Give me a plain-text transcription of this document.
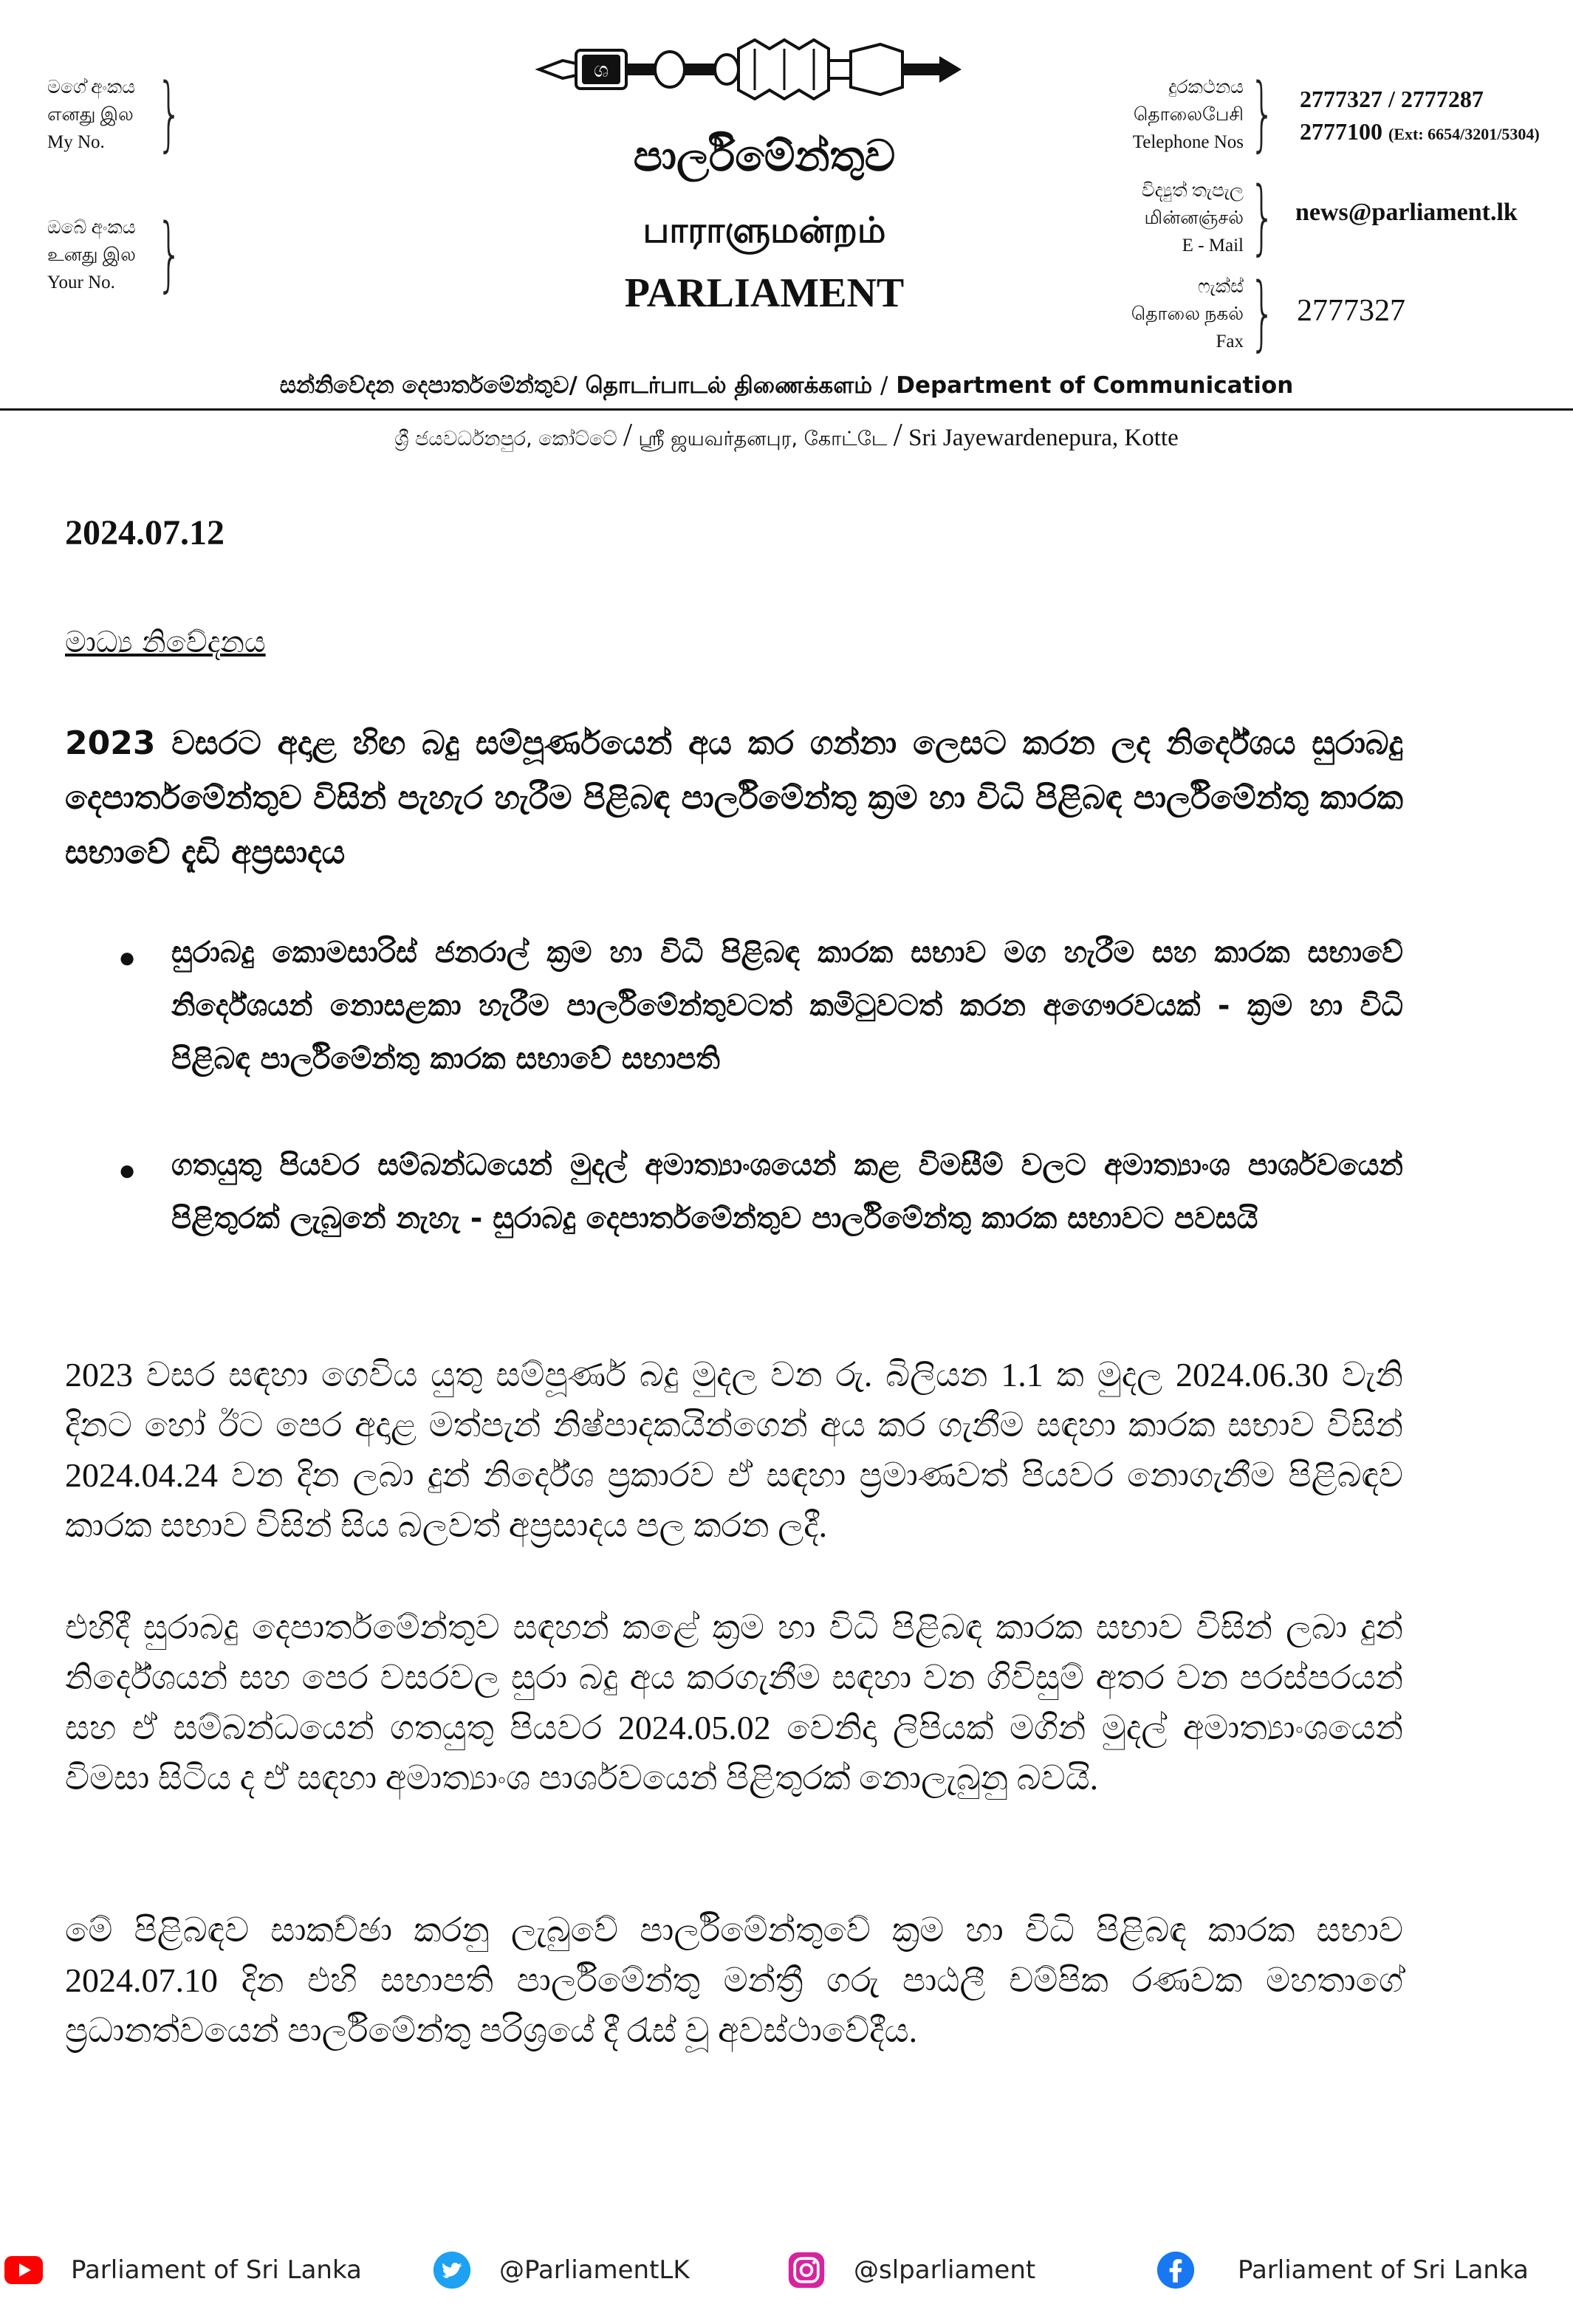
මගේ අංකය
எனது இல
My No. }
ඔබේ අංකය
உனது இல
Your No. }
ශ
පාර්ලිමේන්තුව
பாராளுமன்றம்
PARLIAMENT
දුරකථනය
தொலைபேசி
Telephone Nos } 2777327 / 2777287
2777100 (Ext: 6654/3201/5304)
විද්‍යුත් තැපැල
மின்னஞ்சல்
E - Mail } news@parliament.lk
ෆැක්ස්
தொலை நகல்
Fax } 2777327
සන්නිවේදන දෙපාර්තමේන්තුව/ தொடர்பாடல் திணைக்களம் / Department of Communication
ශ්‍රී ජයවර්ධනපුර, කෝට්ටේ / ஸ்ரீ ஜயவர்தனபுர, கோட்டே / Sri Jayewardenepura, Kotte
2024.07.12
මාධ්‍ය නිවේදනය
2023 වසරට අදාළ හිඟ බදු සම්පූර්ණයෙන් අය කර ගන්නා ලෙසට කරන ලද නිර්දේශය සුරාබදු දෙපාර්තමේන්තුව විසින් පැහැර හැරීම පිළිබඳ පාර්ලිමේන්තු ක්‍රම හා විධි පිළිබඳ පාර්ලිමේන්තු කාරක සභාවේ දැඩි අප්‍රසාදය
● සුරාබදු කොමසාරිස් ජනරාල් ක්‍රම හා විධි පිළිබඳ කාරක සභාව මග හැරීම සහ කාරක සභාවේ නිර්දේශයන් නොසළකා හැරීම පාර්ලිමේන්තුවටත් කමිටුවටත් කරන අගෞරවයක් - ක්‍රම හා විධි පිළිබඳ පාර්ලිමේන්තු කාරක සභාවේ සභාපති
● ගතයුතු පියවර සම්බන්ධයෙන් මුදල් අමාත්‍යාංශයෙන් කළ විමසීම් වලට අමාත්‍යාංශ පාර්ශවයෙන් පිළිතුරක් ලැබුනේ නැහැ - සුරාබදු දෙපාර්තමේන්තුව පාර්ලිමේන්තු කාරක සභාවට පවසයි
2023 වසර සඳහා ගෙවිය යුතු සම්පූර්ණ බදු මුදල වන රු. බිලියන 1.1 ක මුදල 2024.06.30 වැනි දිනට හෝ ඊට පෙර අදාළ මත්පැන් නිෂ්පාදකයින්ගෙන් අය කර ගැනීම සඳහා කාරක සභාව විසින් 2024.04.24 වන දින ලබා දුන් නිර්දේශ ප්‍රකාරව ඒ සඳහා ප්‍රමාණවත් පියවර නොගැනීම පිළිබඳව කාරක සභාව විසින් සිය බලවත් අප්‍රසාදය පල කරන ලදී.
එහිදී සුරාබදු දෙපාර්තමේන්තුව සඳහන් කළේ ක්‍රම හා විධි පිළිබඳ කාරක සභාව විසින් ලබා දුන් නිර්දේශයන් සහ පෙර වසරවල සුරා බදු අය කරගැනීම සඳහා වන ගිවිසුම් අතර වන පරස්පරයන් සහ ඒ සම්බන්ධයෙන් ගතයුතු පියවර 2024.05.02 වෙනිදා ලිපියක් මගින් මුදල් අමාත්‍යාංශයෙන් විමසා සිටිය ද ඒ සඳහා අමාත්‍යාංශ පාර්ශවයෙන් පිළිතුරක් නොලැබුනු බවයි.
මේ පිළිබඳව සාකච්ඡා කරනු ලැබුවේ පාර්ලිමේන්තුවේ ක්‍රම හා විධි පිළිබඳ කාරක සභාව 2024.07.10 දින එහි සභාපති පාර්ලිමේන්තු මන්ත්‍රී ගරු පාඨලී චම්පික රණවක මහතාගේ ප්‍රධානත්වයෙන් පාර්ලිමේන්තු පරිශ්‍රයේ දී රැස් වූ අවස්ථාවේදීය.
Parliament of Sri Lanka	@ParliamentLK	@slparliament	Parliament of Sri Lanka
